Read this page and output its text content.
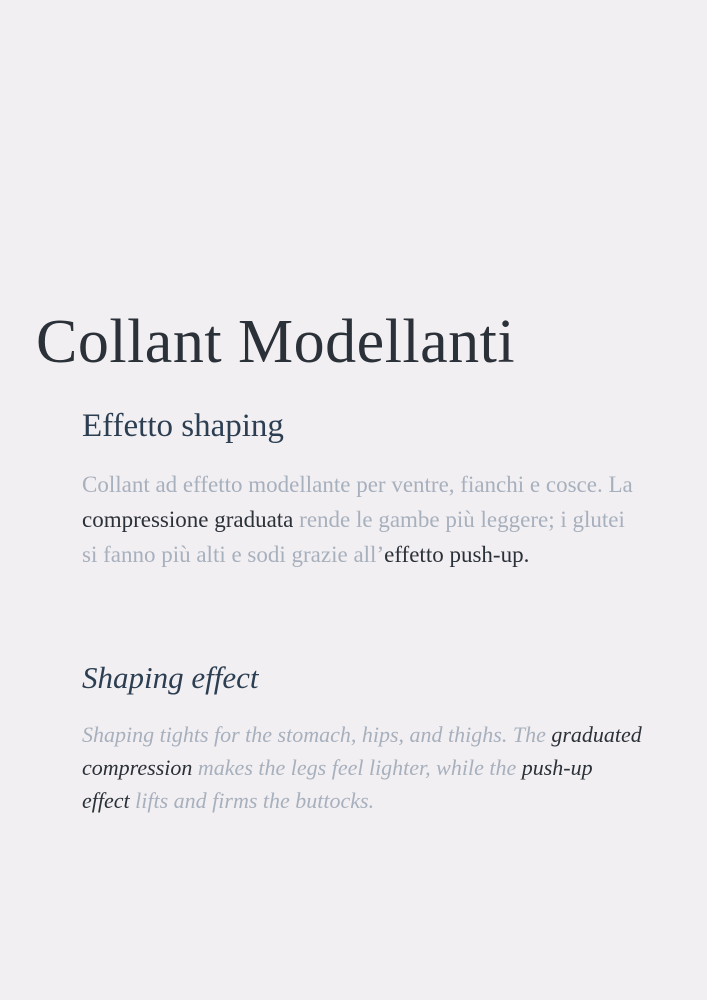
Collant Modellanti
Effetto shaping

Collant ad effetto modellante per ventre, fianchi e cosce. La compressione graduata rende le gambe più leggere; i glutei si fanno più alti e sodi grazie all’effetto push-up.

Shaping effect

Shaping tights for the stomach, hips, and thighs. The graduated compression makes the legs feel lighter, while the push-up effect lifts and firms the buttocks.
